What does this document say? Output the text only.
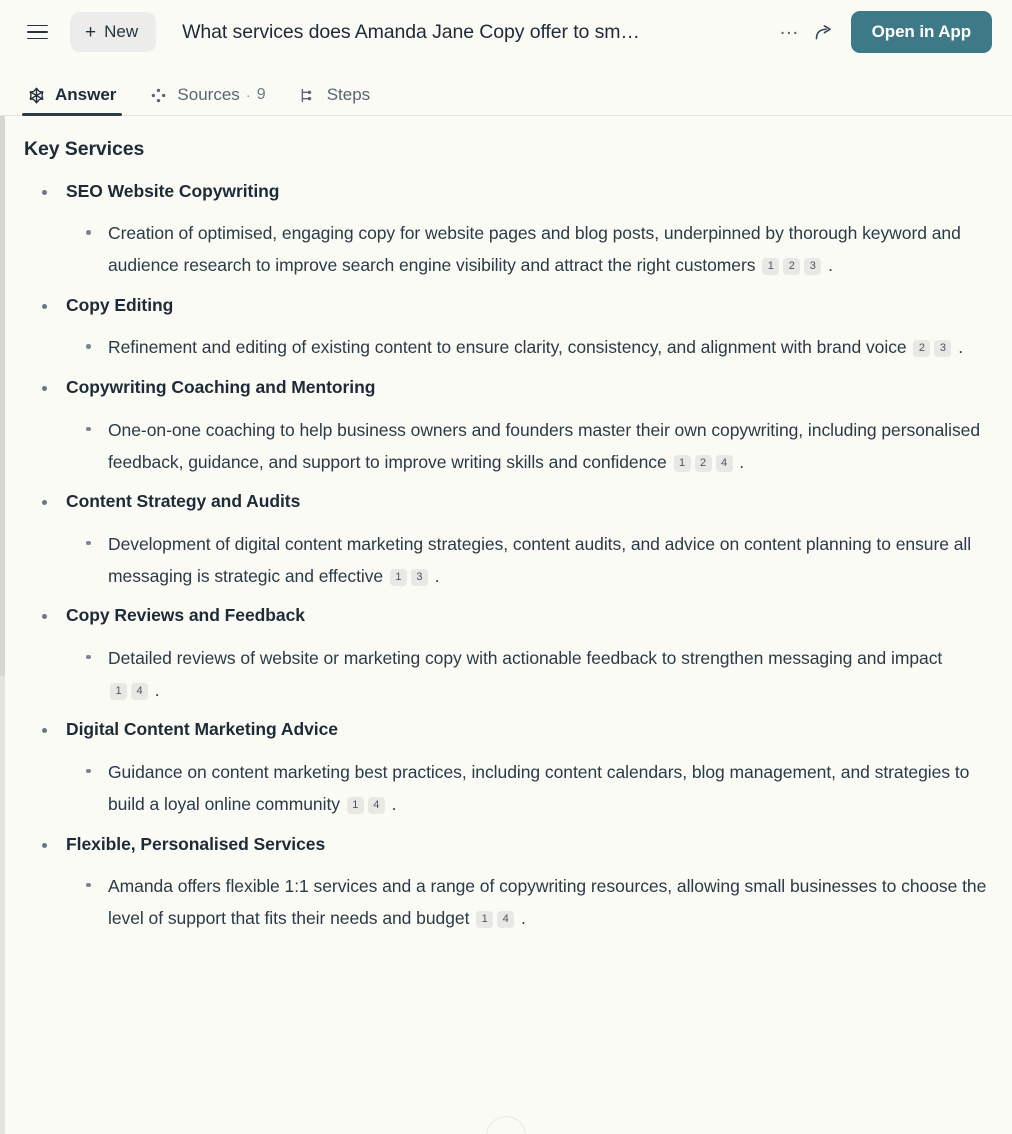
+ New What services does Amanda Jane Copy offer to sm…	…	Open in App
Answer	Sources · 9	Steps
Key Services
SEO Website Copywriting
Creation of optimised, engaging copy for website pages and blog posts, underpinned by thorough keyword and audience research to improve search engine visibility and attract the right customers 1 2 3 .
Copy Editing
Refinement and editing of existing content to ensure clarity, consistency, and alignment with brand voice 2 3 .
Copywriting Coaching and Mentoring
One-on-one coaching to help business owners and founders master their own copywriting, including personalised feedback, guidance, and support to improve writing skills and confidence 1 2 4 .
Content Strategy and Audits
Development of digital content marketing strategies, content audits, and advice on content planning to ensure all messaging is strategic and effective 1 3 .
Copy Reviews and Feedback
Detailed reviews of website or marketing copy with actionable feedback to strengthen messaging and impact 1 4 .
Digital Content Marketing Advice
Guidance on content marketing best practices, including content calendars, blog management, and strategies to build a loyal online community 1 4 .
Flexible, Personalised Services
Amanda offers flexible 1:1 services and a range of copywriting resources, allowing small businesses to choose the level of support that fits their needs and budget 1 4 .
